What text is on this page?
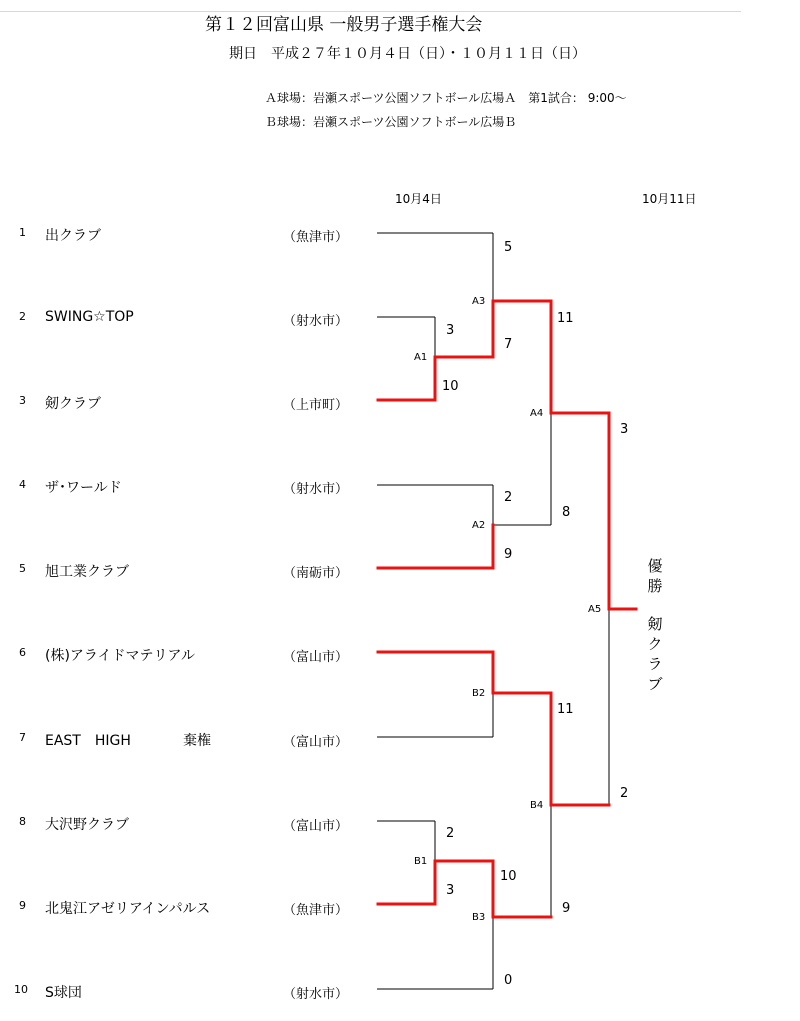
第１２回富山県 一般男子選手権大会
期日　平成２７年１０月４日（日）・１０月１１日（日）
Ａ球場：岩瀬スポーツ公園ソフトボール広場Ａ　第1試合： 9:00～
Ｂ球場：岩瀬スポーツ公園ソフトボール広場Ｂ
10月4日	10月11日
1 出クラブ	（魚津市）
2 SWING☆TOP	（射水市）
3 剱クラブ	（上市町）
4 ザ･ワールド	（射水市）
5 旭工業クラブ	（南砺市）
6 (株)アライドマテリアル	（富山市）
7 EAST　HIGH	棄権	（富山市）
8 大沢野クラブ	（富山市）
9 北鬼江アゼリアインパルス	（魚津市）
10 S球団	（射水市）
A1
A2
A3
A4
A5
B1
B2
B3
B4
3
10
2
9
5
7
11
8
3
2
2
3
10
0
11
9
優勝
剱クラブ
